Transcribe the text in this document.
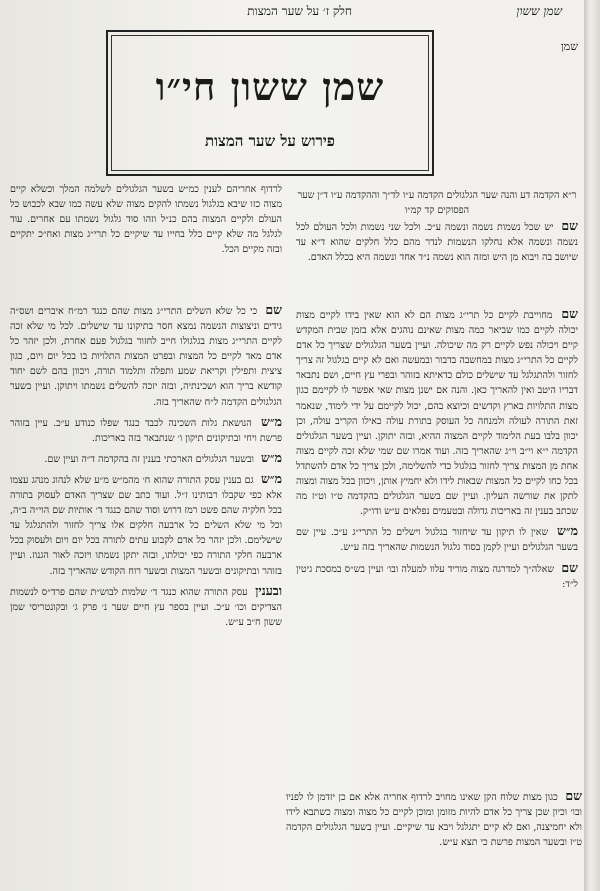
שמן ששון
חלק ז׳ על שער המצות
שמן
שמן ששון חי״ו
פירוש על שער המצות
לרדוף אחריהם לענין כמ״ש בשער הגלגולים לשלמה המלך וכשלא קיים מצוה כזו שיבא בגלגול נשמתו להקים מצוה שלא עשה כמו שבא לכבוש כל העולם ולקיים המצוה בהם כנ״ל וזהו סוד גלגול נשמתו עם אחרים. עוד לגלגל מה שלא קיים כלל בחייו עד שיקיים כל תרי״ג מצות ואח״כ יתקיים ובזה מקיים הכל.
ר״א הקדמה דע והנה שער הגלגולים הקדמה ע״ו לד״ך וההקדמה ע״ו ד״ן שער הפסוקים קד קמ״ו

שם יש שכל נשמות נשמה ונשמה ע״כ. ולכל שני נשמות ולכל העולם לכל נשמה ונשמה אלא נחלקו הנשמות לנדר מהם כלל חלקים שהוא ד״א עד שיושב בה ויבוא מן היש ומזה הוא נשמה נ״ד אחד ונשמה היא בכלל האדם.

שם מחוייבת לקיים כל תרי״ג מצות הם לא הוא שאין בידו לקיים מצות יכולה לקיים כמו שביאר כמה מצות שאינם נוהגים אלא בזמן שבית המקדש קיים ויכולה נפש לקיים רק מה שיכולה. ועיין בשער הגלגולים שצריך כל אדם לקיים כל התרי״ג מצות במחשבה בדבור ובמעשה ואם לא קיים בגלגול זה צריך לחזור ולהתגלגל עד שישלים כולם כדאיתא בזוהר ובפרי עץ חיים, ושם נתבאר דבריו היטב ואין להאריך כאן. והנה אם ישנן מצות שאי אפשר לו לקיימם כגון מצות התלויות בארץ וקדשים וכיוצא בהם, יכול לקיימם על ידי לימוד, שנאמר זאת התורה לעולה ולמנחה כל העוסק בתורת עולה כאילו הקריב עולה, וכן יכוון בלבו בעת הלימוד לקיים המצוה ההיא, ובזה יתוקן. ועיין בשער הגלגולים הקדמה י״א וי״ב וי״ג שהאריך בזה. ועוד אמרו שם שמי שלא זכה לקיים מצוה אחת מן המצות צריך לחזור בגלגול כדי להשלימה, ולכן צריך כל אדם להשתדל בכל כחו לקיים כל המצות שבאות לידו ולא יחמיץ אותן, ויכוון בכל מצוה ומצוה לתקן את שורשה העליון. ועיין שם בשער הגלגולים בהקדמה ט״ו וט״ז מה שכתב בענין זה באריכות גדולה ובטעמים נפלאים ע״ש ודו״ק.

מ״ש שאין לו תיקון עד שיחזור בגלגול וישלים כל התרי״ג ע״כ. עיין שם בשער הגלגולים ועיין לקמן בסוד גלגול הנשמות שהאריך בזה ע״ש.

שם שאלה״ך למדרגה מצוה מוריד עלוו למעלה ובו׳ ועיין בש״ס במסכת גיטין ל״ד:

שם כי כל שלא השלים התרי״ג מצות שהם כנגד רמ״ח איברים ושס״ה גידים וניצוצות הנשמה נמצא חסר בתיקונו עד שישלים. לכל מי שלא זכה לקיים התרי״ג מצות בגלגולו חייב לחזור בגלגול פעם אחרת, ולכן יזהר כל אדם מאד לקיים כל המצות ובפרט המצות התלויות בו בכל יום ויום, כגון ציצית ותפילין וקריאת שמע ותפלה ותלמוד תורה, ויכוון בהם לשם יחוד קודשא בריך הוא ושכינתיה, ובזה יזכה להשלים נשמתו ויתוקן. ועיין בשער הגלגולים הקדמה ל״ח שהאריך בזה.

מ״ש הנושאת גלות השכינה לכבד כנגד שפלו כנודע ע״כ. עיין בזוהר פרשת ויחי ובתיקונים תיקון ו׳ שנתבאר בזה באריכות.

מ״ש ובשער הגלגולים הארכתי בענין זה בהקדמה ד״ה ועיין שם.

מ״ש גם בענין עסק התורה שהוא ח׳ מהמ״ש מ״ע שלא לנהוג מנהג עצמו אלא כפי שקבלו רבותינו ז״ל. ועוד כתב שם שצריך האדם לעסוק בתורה בכל חלקיה שהם פשט רמז דרוש וסוד שהם כנגד ד׳ אותיות שם הוי״ה ב״ה, וכל מי שלא השלים כל ארבעה חלקים אלו צריך לחזור ולהתגלגל עד שישלימם. ולכן יזהר כל אדם לקבוע עתים לתורה בכל יום ויום ולעסוק בכל ארבעה חלקי התורה כפי יכולתו, ובזה יתקן נשמתו ויזכה לאור הגנוז. ועיין בזוהר ובתיקונים ובשער המצות ובשער רוח הקודש שהאריך בזה.

ובענין עסק התורה שהוא כנגד ד׳ שלמות לבוש״ת שהם פרד״ס לנשמות הצדיקים וכו׳ ע״כ. ועיין בספר עץ חיים שער נ׳ פרק ג׳ ובקונטריסי שמן ששון ח״ב ע״ש.

שם כגון מצות שלוח הקן שאינו מחויב לרדוף אחריה אלא אם כן יזדמן לו לפניו ובו׳ וכיון שכן צריך כל אדם להיות מזומן ומוכן לקיים כל מצוה ומצוה כשתבא לידו ולא יחמיצנה, ואם לא קיים יתגלגל ויבא עד שיקיים. ועיין בשער הגלגולים הקדמה ט״ז ובשער המצות פרשת כי תצא ע״ש.
